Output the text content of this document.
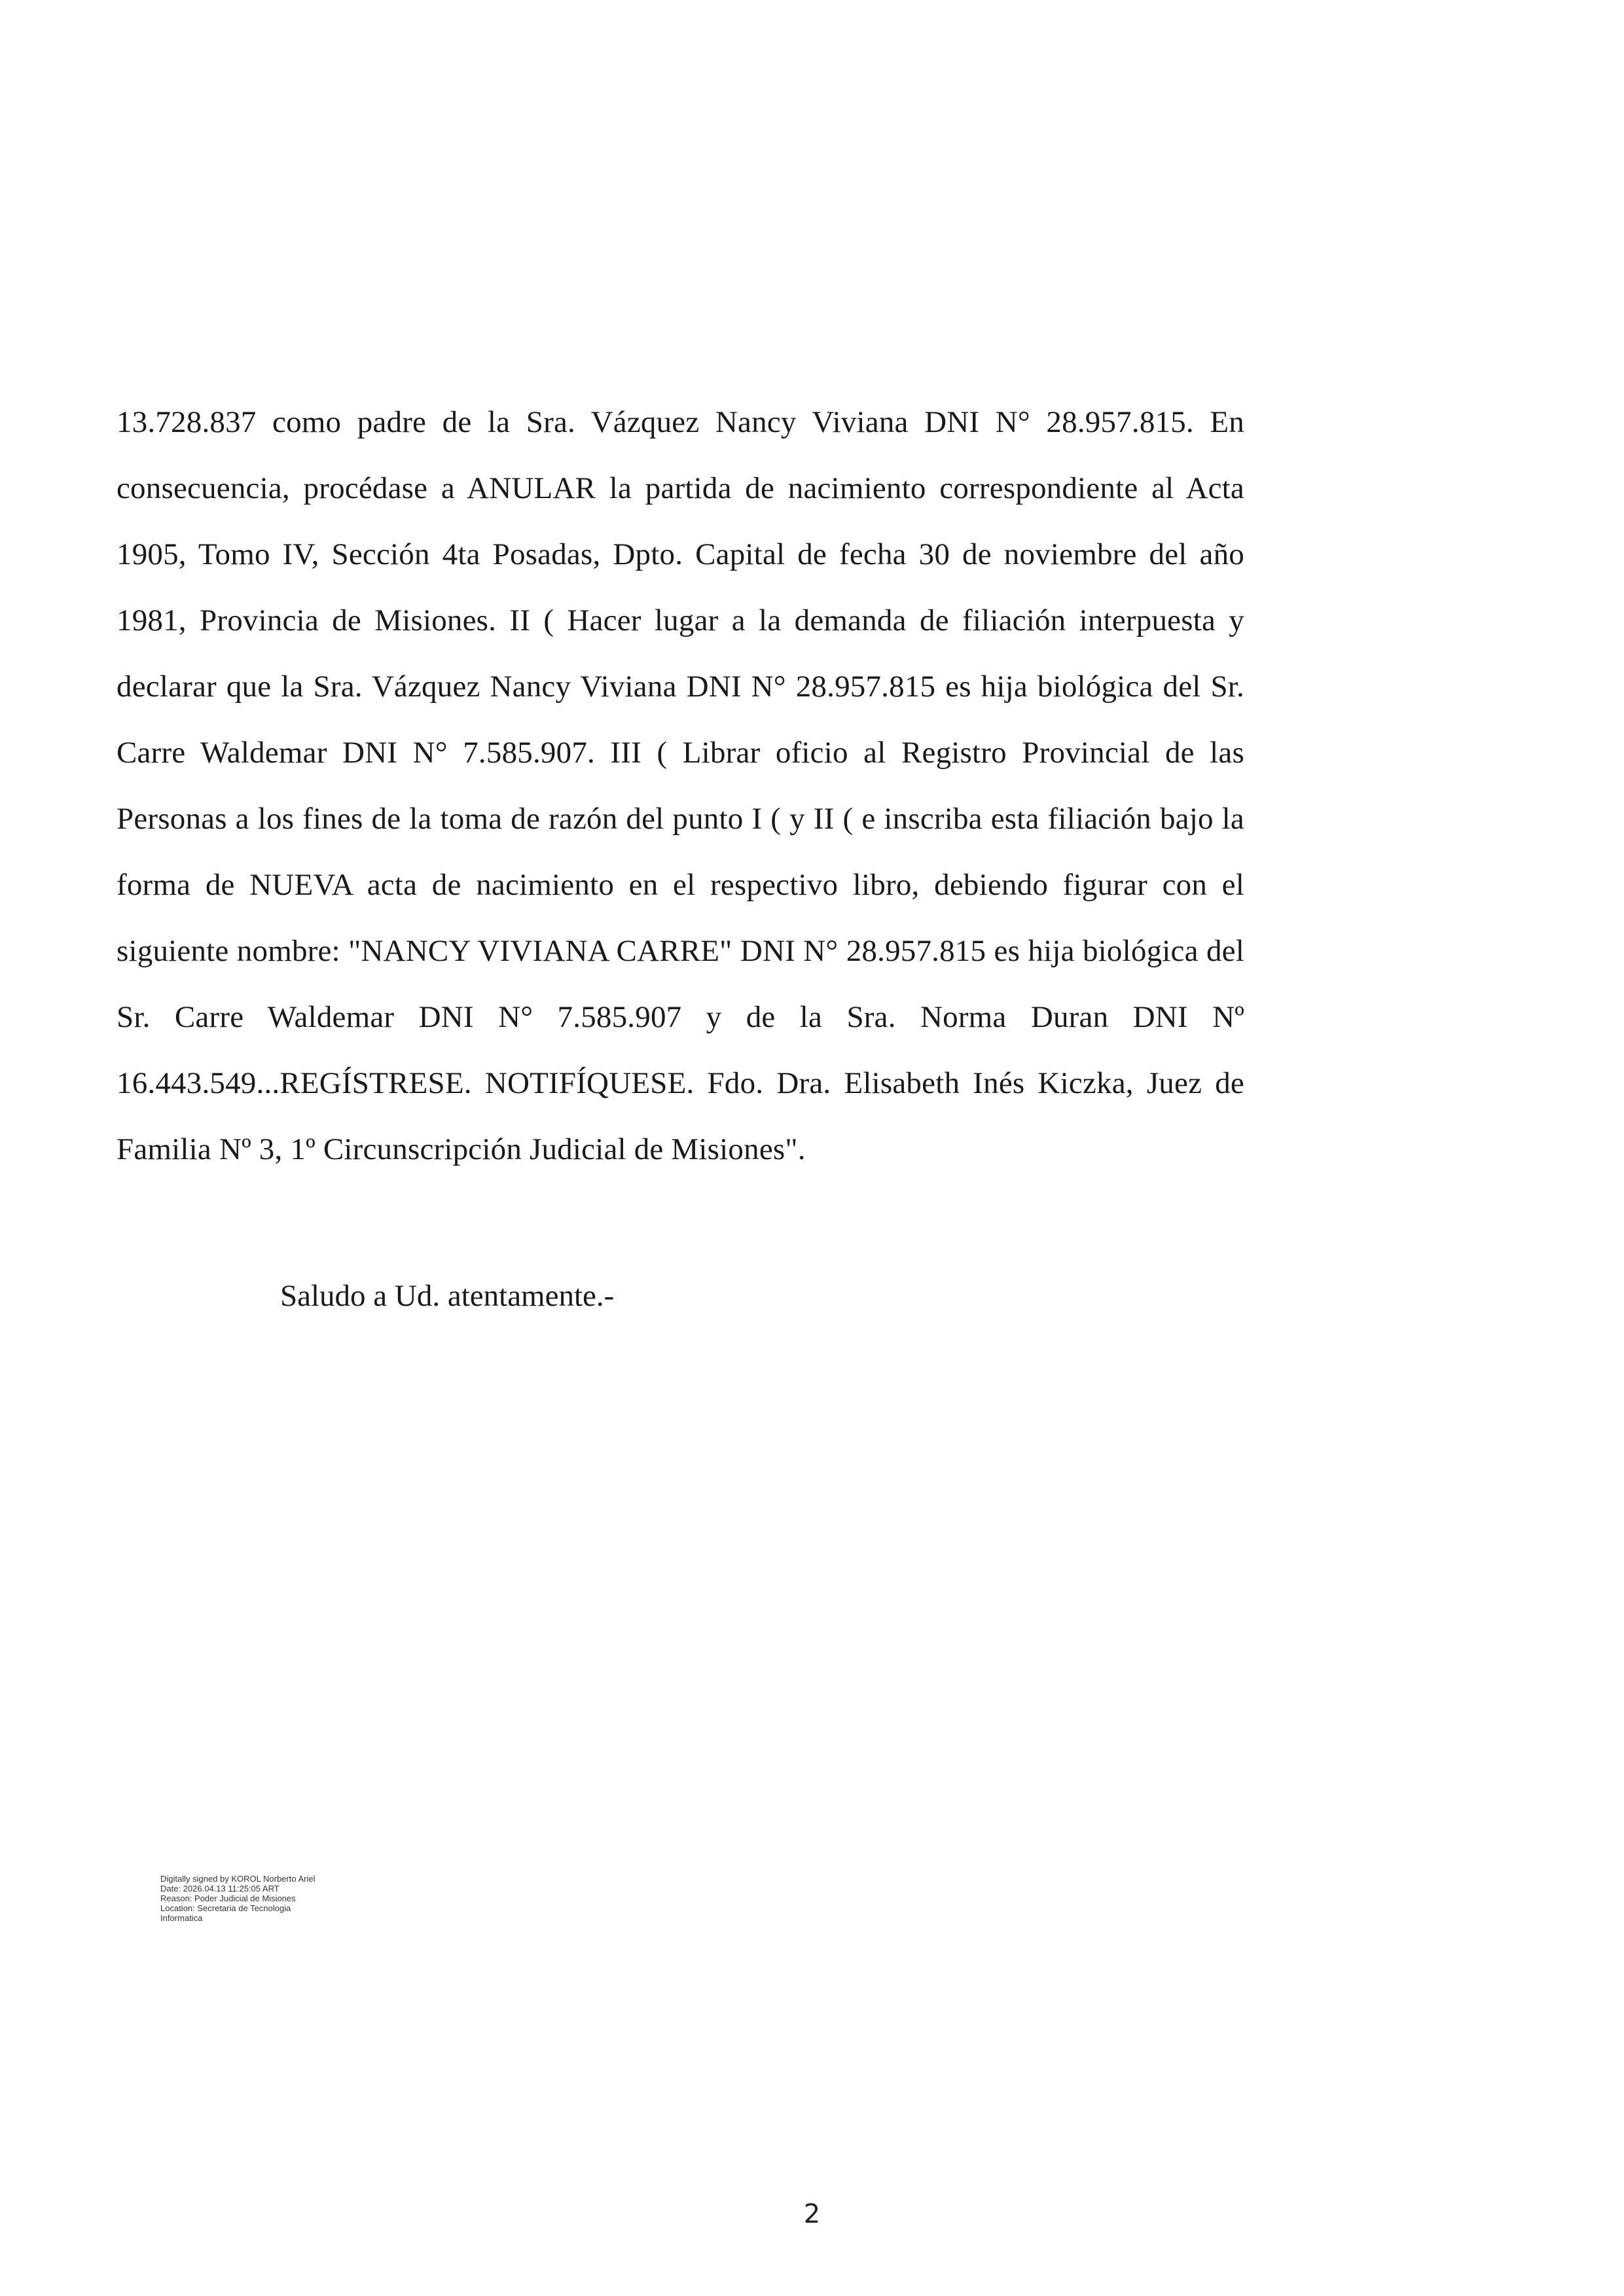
13.728.837 como padre de la Sra. Vázquez Nancy Viviana DNI N° 28.957.815. En consecuencia, procédase a ANULAR la partida de nacimiento correspondiente al Acta 1905, Tomo IV, Sección 4ta Posadas, Dpto. Capital de fecha 30 de noviembre del año 1981, Provincia de Misiones. II ( Hacer lugar a la demanda de filiación interpuesta y declarar que la Sra. Vázquez Nancy Viviana DNI N° 28.957.815 es hija biológica del Sr. Carre Waldemar DNI N° 7.585.907. III ( Librar oficio al Registro Provincial de las Personas a los fines de la toma de razón del punto I ( y II ( e inscriba esta filiación bajo la forma de NUEVA acta de nacimiento en el respectivo libro, debiendo figurar con el siguiente nombre: "NANCY VIVIANA CARRE" DNI N° 28.957.815 es hija biológica del Sr. Carre Waldemar DNI N° 7.585.907 y de la Sra. Norma Duran DNI Nº 16.443.549...REGÍSTRESE. NOTIFÍQUESE. Fdo. Dra. Elisabeth Inés Kiczka, Juez de Familia Nº 3, 1º Circunscripción Judicial de Misiones".

Saludo a Ud. atentamente.-

Digitally signed by KOROL Norberto Ariel
Date: 2026.04.13 11:25:05 ART
Reason: Poder Judicial de Misiones
Location: Secretaria de Tecnologia
Informatica
2
